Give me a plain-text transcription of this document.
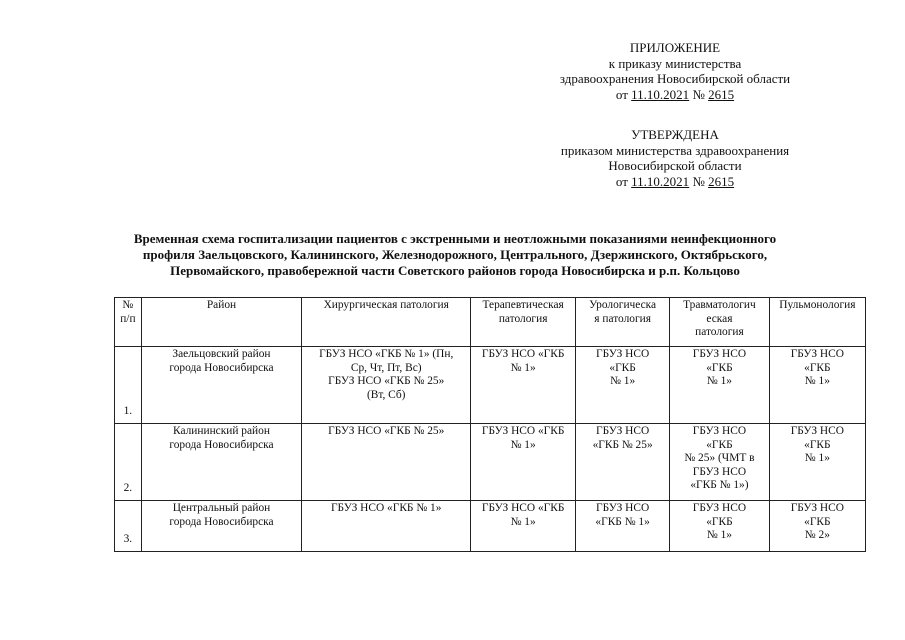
ПРИЛОЖЕНИЕ
к приказу министерства
здравоохранения Новосибирской области
от 11.10.2021 № 2615
УТВЕРЖДЕНА
приказом министерства здравоохранения
Новосибирской области
от 11.10.2021 № 2615
Временная схема госпитализации пациентов с экстренными и неотложными показаниями неинфекционного
профиля Заельцовского, Калининского, Железнодорожного, Центрального, Дзержинского, Октябрьского,
Первомайского, правобережной части Советского районов города Новосибирска и р.п. Кольцово
№
п/п	Район	Хирургическая патология	Терапевтическая
патология	Урологическа
я патология	Травматологич
еская
патология	Пульмонология

1.	Заельцовский район
города Новосибирска	ГБУЗ НСО «ГКБ № 1» (Пн,
Ср, Чт, Пт, Вс)
ГБУЗ НСО «ГКБ № 25»
(Вт, Сб)	ГБУЗ НСО «ГКБ
№ 1»	ГБУЗ НСО
«ГКБ
№ 1»	ГБУЗ НСО
«ГКБ
№ 1»	ГБУЗ НСО
«ГКБ
№ 1»

2.	Калининский район
города Новосибирска	ГБУЗ НСО «ГКБ № 25»	ГБУЗ НСО «ГКБ
№ 1»	ГБУЗ НСО
«ГКБ № 25»	ГБУЗ НСО
«ГКБ
№ 25» (ЧМТ в
ГБУЗ НСО
«ГКБ № 1»)	ГБУЗ НСО
«ГКБ
№ 1»

3.	Центральный район
города Новосибирска	ГБУЗ НСО «ГКБ № 1»	ГБУЗ НСО «ГКБ
№ 1»	ГБУЗ НСО
«ГКБ № 1»	ГБУЗ НСО
«ГКБ
№ 1»	ГБУЗ НСО
«ГКБ
№ 2»
